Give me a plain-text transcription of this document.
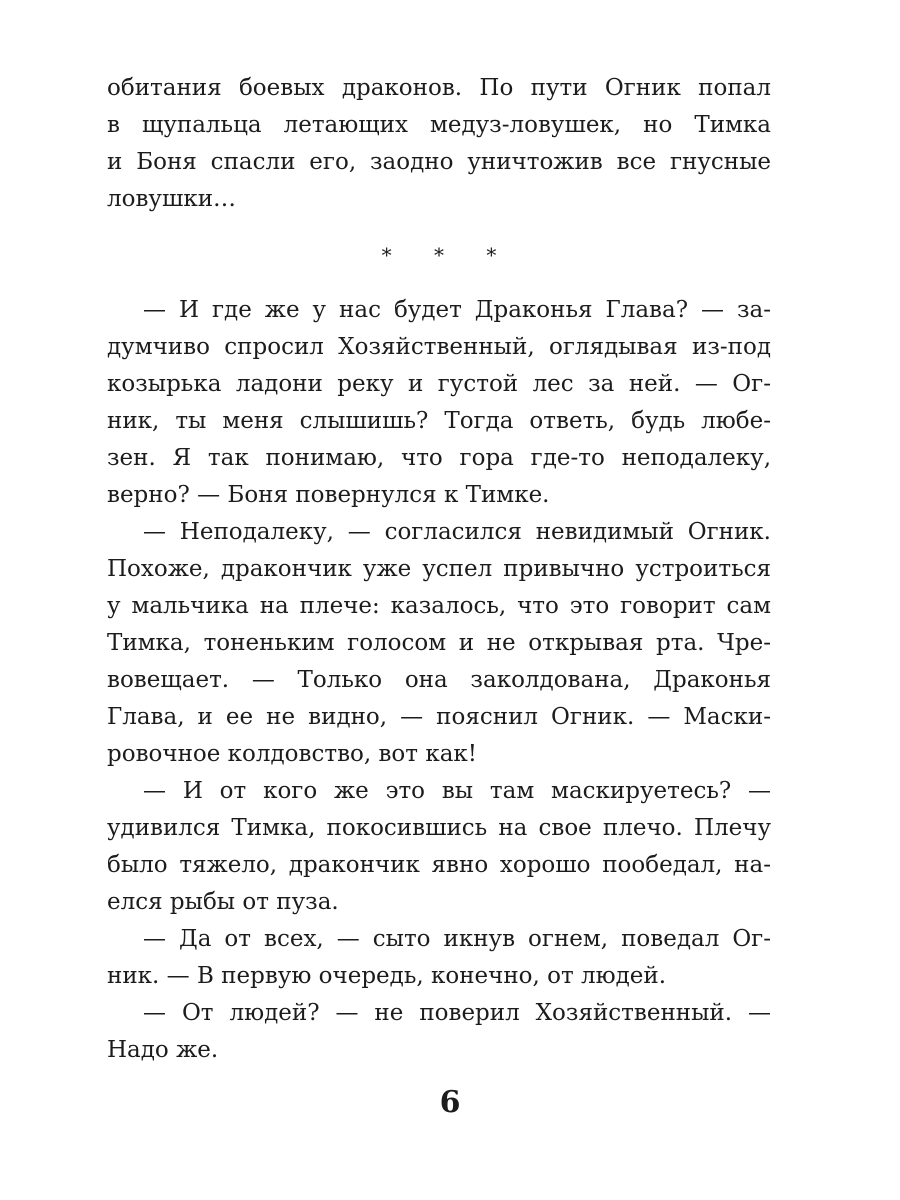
обитания боевых драконов. По пути Огник попал
в щупальца летающих медуз-ловушек, но Тимка
и Боня спасли его, заодно уничтожив все гнусные
ловушки…
* * *
— И где же у нас будет Драконья Глава? — за-
думчиво спросил Хозяйственный, оглядывая из-под
козырька ладони реку и густой лес за ней. — Ог-
ник, ты меня слышишь? Тогда ответь, будь любе-
зен. Я так понимаю, что гора где-то неподалеку,
верно? — Боня повернулся к Тимке.
— Неподалеку, — согласился невидимый Огник.
Похоже, дракончик уже успел привычно устроиться
у мальчика на плече: казалось, что это говорит сам
Тимка, тоненьким голосом и не открывая рта. Чре-
вовещает. — Только она заколдована, Драконья
Глава, и ее не видно, — пояснил Огник. — Маски-
ровочное колдовство, вот как!
— И от кого же это вы там маскируетесь? —
удивился Тимка, покосившись на свое плечо. Плечу
было тяжело, дракончик явно хорошо пообедал, на-
елся рыбы от пуза.
— Да от всех, — сыто икнув огнем, поведал Ог-
ник. — В первую очередь, конечно, от людей.
— От людей? — не поверил Хозяйственный. —
Надо же.
6
